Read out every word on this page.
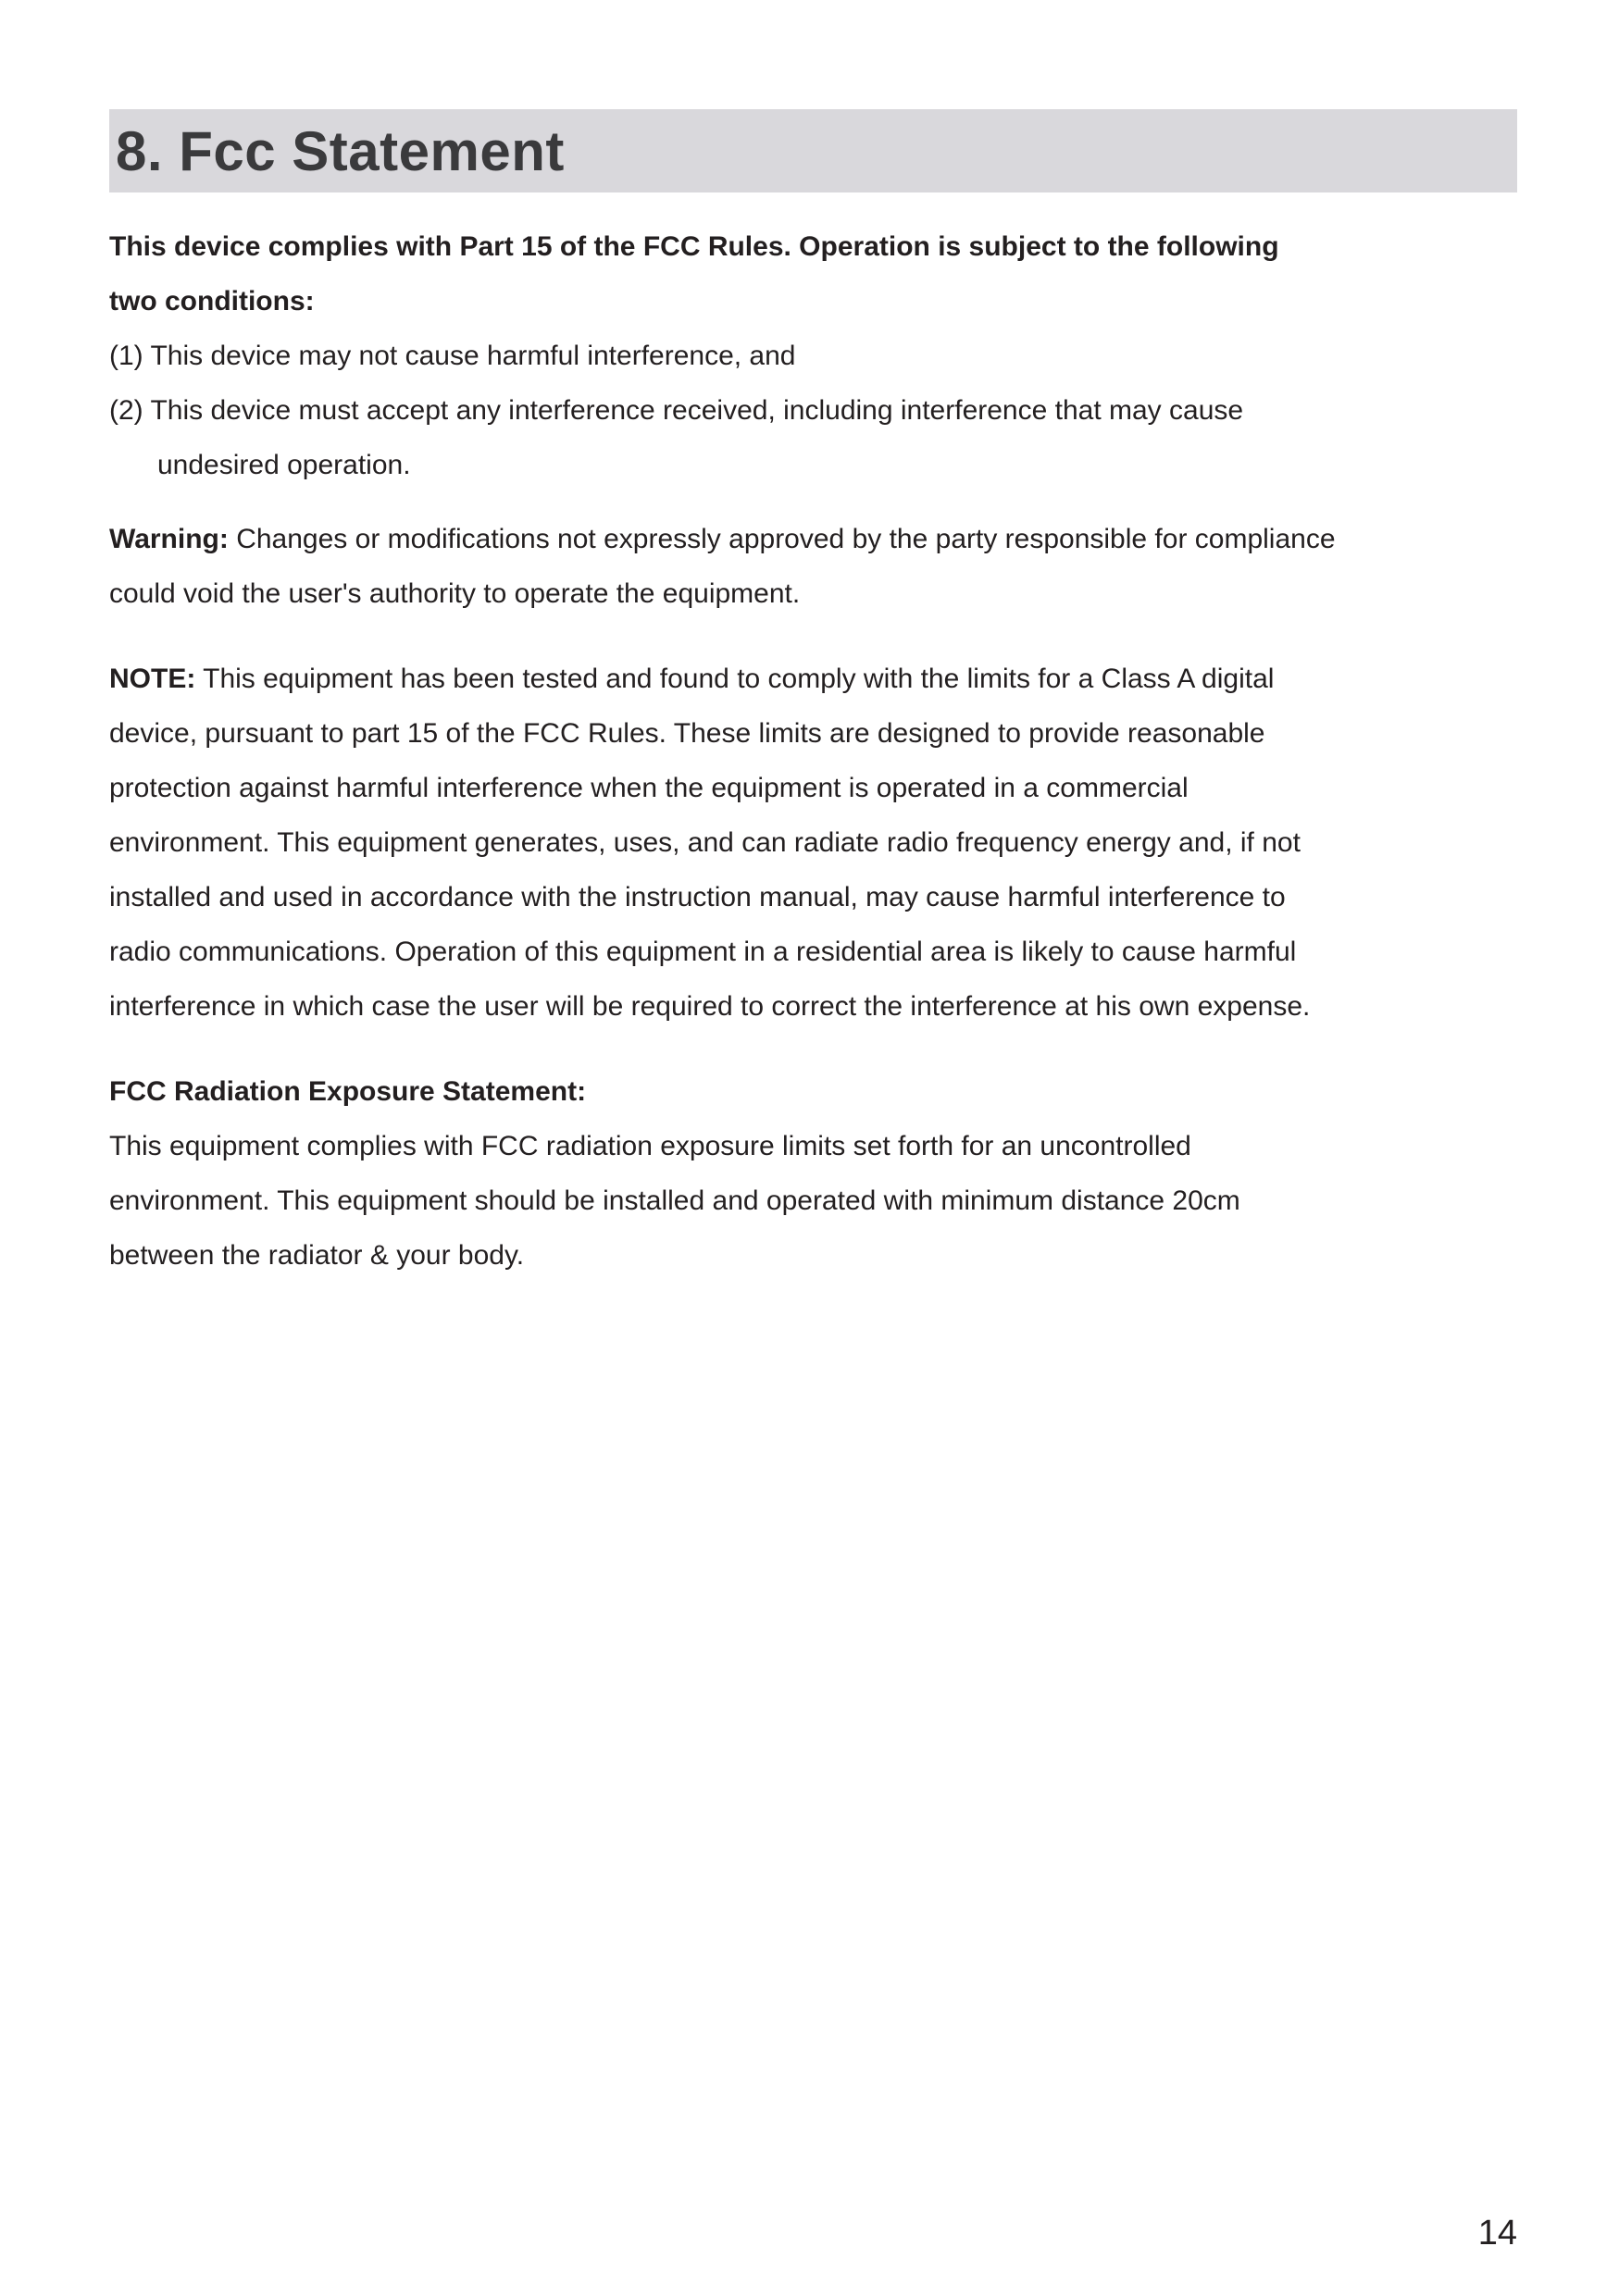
8. Fcc Statement

This device complies with Part 15 of the FCC Rules. Operation is subject to the following

two conditions:

(1) This device may not cause harmful interference, and

(2) This device must accept any interference received, including interference that may cause

undesired operation.

Warning: Changes or modifications not expressly approved by the party responsible for compliance

could void the user's authority to operate the equipment.

NOTE: This equipment has been tested and found to comply with the limits for a Class A digital

device, pursuant to part 15 of the FCC Rules. These limits are designed to provide reasonable

protection against harmful interference when the equipment is operated in a commercial

environment. This equipment generates, uses, and can radiate radio frequency energy and, if not

installed and used in accordance with the instruction manual, may cause harmful interference to

radio communications. Operation of this equipment in a residential area is likely to cause harmful

interference in which case the user will be required to correct the interference at his own expense.

FCC Radiation Exposure Statement:

This equipment complies with FCC radiation exposure limits set forth for an uncontrolled

environment. This equipment should be installed and operated with minimum distance 20cm

between the radiator & your body.

14
